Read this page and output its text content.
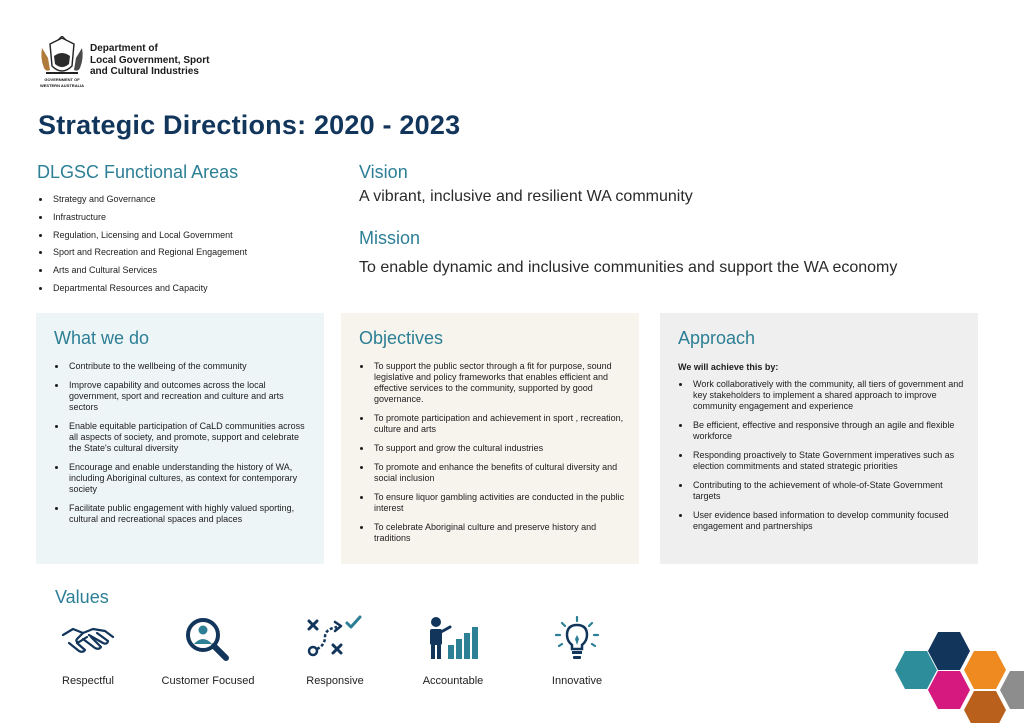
GOVERNMENT OF
WESTERN AUSTRALIA
Department of
Local Government, Sport
and Cultural Industries
Strategic Directions: 2020 - 2023
DLGSC Functional Areas
Strategy and Governance
Infrastructure
Regulation, Licensing and Local Government
Sport and Recreation and Regional Engagement
Arts and Cultural Services
Departmental Resources and Capacity
Vision
A vibrant, inclusive and resilient WA community
Mission
To enable dynamic and inclusive communities and support the WA economy
What we do
Contribute to the wellbeing of the community
Improve capability and outcomes across the local government, sport and recreation and culture and arts sectors
Enable equitable participation of CaLD communities across all aspects of society, and promote, support and celebrate the State's cultural diversity
Encourage and enable understanding the history of WA, including Aboriginal cultures, as context for contemporary society
Facilitate public engagement with highly valued sporting, cultural and recreational spaces and places
Objectives
To support the public sector through a fit for purpose, sound legislative and policy frameworks that enables efficient and effective services to the community, supported by good governance.
To promote participation and achievement in sport , recreation, culture and arts
To support and grow the cultural industries
To promote and enhance the benefits of cultural diversity and social inclusion
To ensure liquor gambling activities are conducted in the public interest
To celebrate Aboriginal culture and preserve history and traditions
Approach
We will achieve this by:
Work collaboratively with the community, all tiers of government and key stakeholders to implement a shared approach to improve community engagement and experience
Be efficient, effective and responsive through an agile and flexible workforce
Responding proactively to State Government imperatives such as election commitments and stated strategic priorities
Contributing to the achievement of whole-of-State Government targets
User evidence based information to develop community focused engagement and partnerships
Values
Respectful	Customer Focused	Responsive	Accountable	Innovative
